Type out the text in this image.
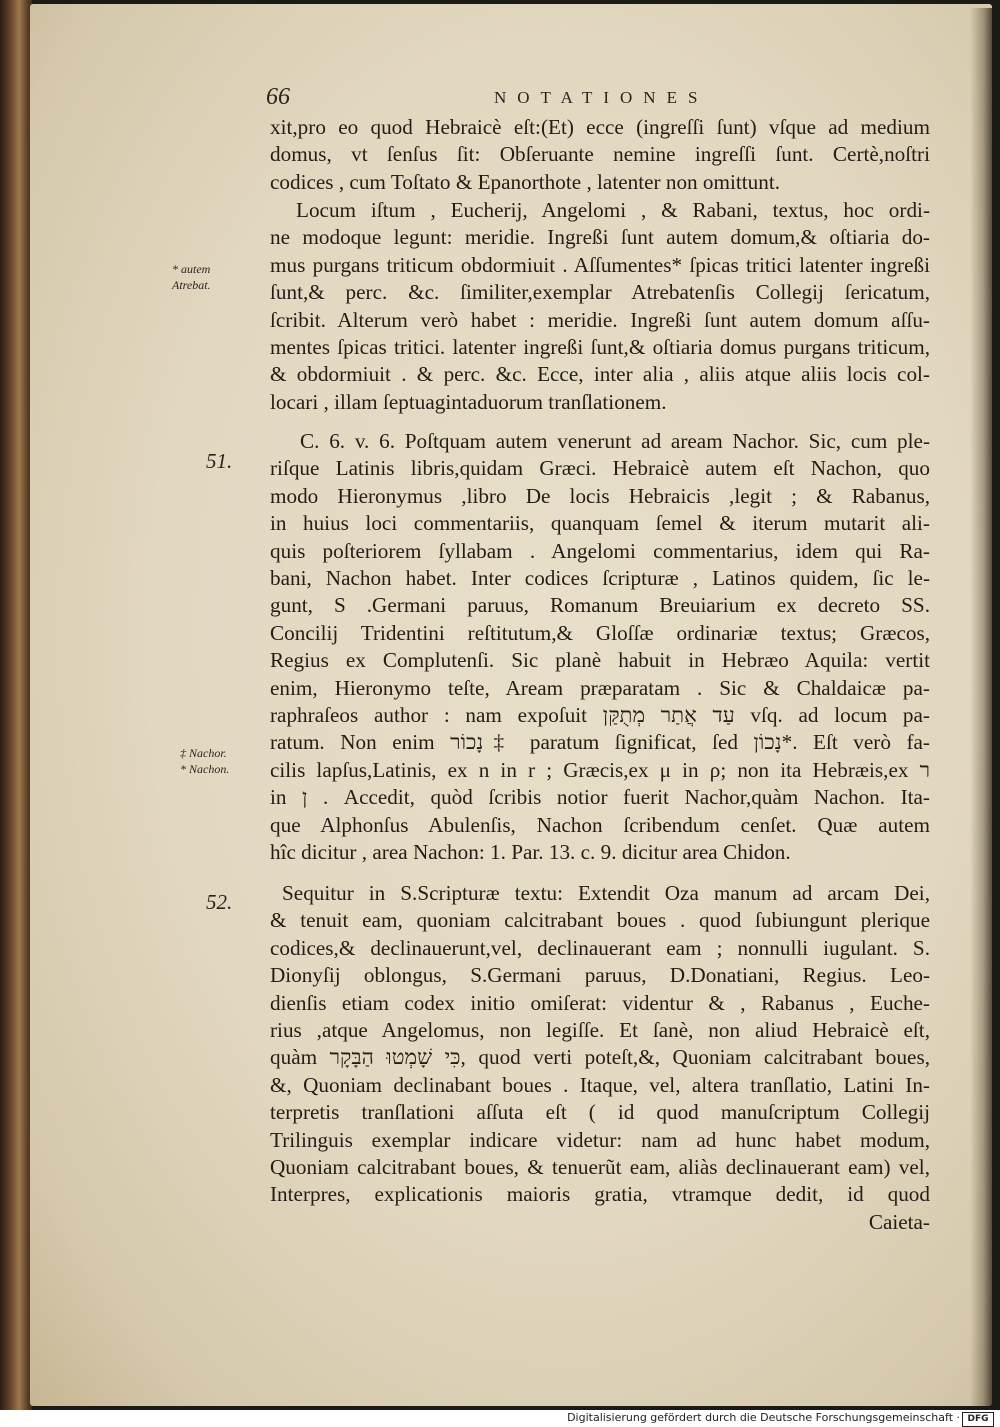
66	NOTATIONES
* autem
Atrebat.
51.
‡ Nachor.
* Nachon.
52.
xit,pro eo quod Hebraicè eſt:(Et) ecce (ingreſſi ſunt) vſque ad medium
domus, vt ſenſus ſit: Obſeruante nemine ingreſſi ſunt. Certè,noſtri
codices , cum Toſtato & Epanorthote , latenter non omittunt.
Locum iſtum , Eucherij, Angelomi , & Rabani, textus, hoc ordi-
ne modoque legunt: meridie. Ingreßi ſunt autem domum,& oſtiaria do-
mus purgans triticum obdormiuit . Aſſumentes* ſpicas tritici latenter ingreßi
ſunt,& perc. &c. ſimiliter,exemplar Atrebatenſis Collegij ſericatum,
ſcribit. Alterum verò habet : meridie. Ingreßi ſunt autem domum aſſu-
mentes ſpicas tritici. latenter ingreßi ſunt,& oſtiaria domus purgans triticum,
& obdormiuit . & perc. &c. Ecce, inter alia , aliis atque aliis locis col-
locari , illam ſeptuagintaduorum tranſlationem.
C. 6. v. 6. Poſtquam autem venerunt ad aream Nachor. Sic, cum ple-
riſque Latinis libris,quidam Græci. Hebraicè autem eſt Nachon, quo
modo Hieronymus ,libro De locis Hebraicis ,legit ; & Rabanus,
in huius loci commentariis, quanquam ſemel & iterum mutarit ali-
quis poſteriorem ſyllabam . Angelomi commentarius, idem qui Ra-
bani, Nachon habet. Inter codices ſcripturæ , Latinos quidem, ſic le-
gunt, S .Germani paruus, Romanum Breuiarium ex decreto SS.
Concilij Tridentini reſtitutum,& Gloſſæ ordinariæ textus; Græcos,
Regius ex Complutenſi. Sic planè habuit in Hebræo Aquila: vertit
enim, Hieronymo teſte, Aream præparatam . Sic & Chaldaicæ pa-
raphraſeos author : nam expoſuit עַד אֲתַר מְתֻקַּן vſq. ad locum pa-
ratum. Non enim נָכוֹר‡ paratum ſignificat, ſed נָכוֹן*. Eſt verò fa-
cilis lapſus,Latinis, ex n in r ; Græcis,ex μ in ρ; non ita Hebræis,ex ר
in ן . Accedit, quòd ſcribis notior fuerit Nachor,quàm Nachon. Ita-
que Alphonſus Abulenſis, Nachon ſcribendum cenſet. Quæ autem
hîc dicitur , area Nachon: 1. Par. 13. c. 9. dicitur area Chidon.
Sequitur in S.Scripturæ textu: Extendit Oza manum ad arcam Dei,
& tenuit eam, quoniam calcitrabant boues . quod ſubiungunt plerique
codices,& declinauerunt,vel, declinauerant eam ; nonnulli iugulant. S.
Dionyſij oblongus, S.Germani paruus, D.Donatiani, Regius. Leo-
dienſis etiam codex initio omiſerat: videntur & , Rabanus , Euche-
rius ,atque Angelomus, non legiſſe. Et ſanè, non aliud Hebraicè eſt,
quàm כִּי שָׁמְטוּ הַבָּקָר, quod verti poteſt,&, Quoniam calcitrabant boues,
&, Quoniam declinabant boues . Itaque, vel, altera tranſlatio, Latini In-
terpretis tranſlationi aſſuta eſt ( id quod manuſcriptum Collegij
Trilinguis exemplar indicare videtur: nam ad hunc habet modum,
Quoniam calcitrabant boues, & tenuerũt eam, aliàs declinauerant eam) vel,
Interpres, explicationis maioris gratia, vtramque dedit, id quod
Caieta-
Digitalisierung gefördert durch die Deutsche Forschungsgemeinschaft · DFG
